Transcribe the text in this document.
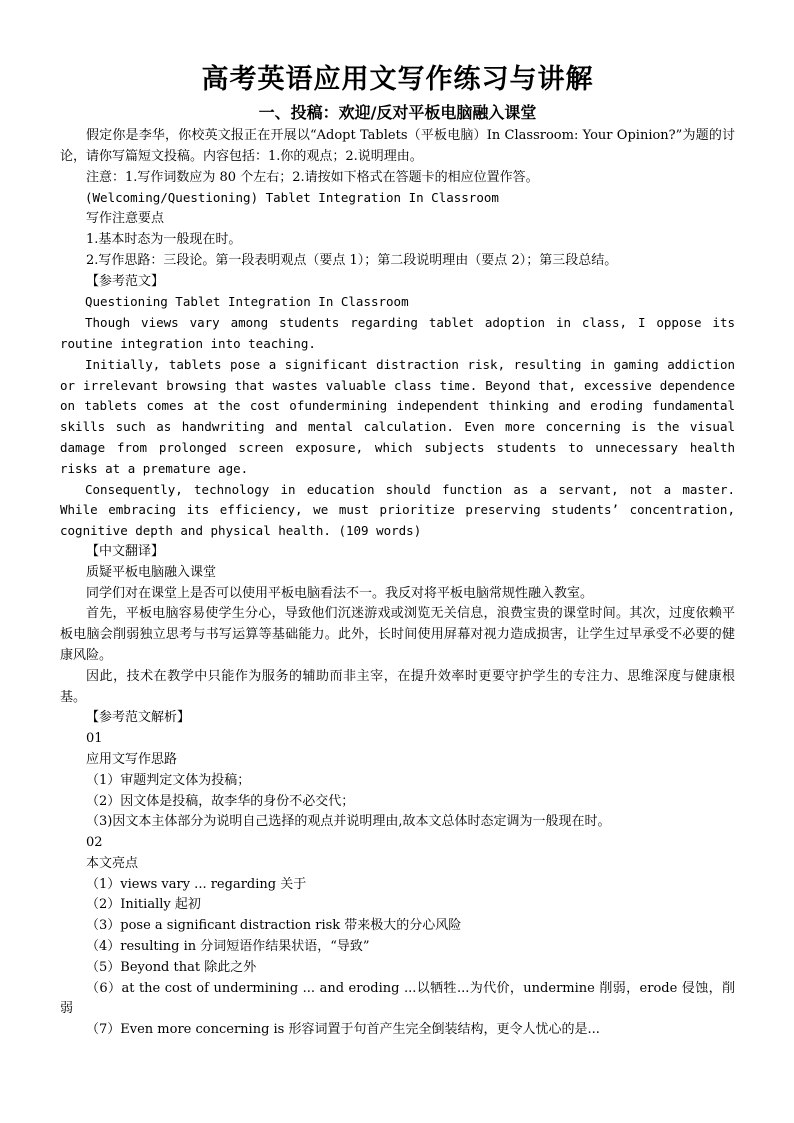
高考英语应用文写作练习与讲解
一、投稿：欢迎/反对平板电脑融入课堂

假定你是李华，你校英文报正在开展以“Adopt Tablets（平板电脑）In Classroom: Your Opinion?”为题的讨论，请你写篇短文投稿。内容包括：1.你的观点；2.说明理由。

注意：1.写作词数应为 80 个左右；2.请按如下格式在答题卡的相应位置作答。

(Welcoming/Questioning) Tablet Integration In Classroom

写作注意要点

1.基本时态为一般现在时。

2.写作思路：三段论。第一段表明观点（要点 1）；第二段说明理由（要点 2）；第三段总结。

【参考范文】

Questioning Tablet Integration In Classroom

Though views vary among students regarding tablet adoption in class, I oppose its routine integration into teaching.

Initially, tablets pose a significant distraction risk, resulting in gaming addiction or irrelevant browsing that wastes valuable class time. Beyond that, excessive dependence on tablets comes at the cost ofundermining independent thinking and eroding fundamental skills such as handwriting and mental calculation. Even more concerning is the visual damage from prolonged screen exposure, which subjects students to unnecessary health risks at a premature age.

Consequently, technology in education should function as a servant, not a master. While embracing its efficiency, we must prioritize preserving students’ concentration, cognitive depth and physical health. (109 words)

【中文翻译】

质疑平板电脑融入课堂

同学们对在课堂上是否可以使用平板电脑看法不一。我反对将平板电脑常规性融入教室。

首先，平板电脑容易使学生分心，导致他们沉迷游戏或浏览无关信息，浪费宝贵的课堂时间。其次，过度依赖平板电脑会削弱独立思考与书写运算等基础能力。此外，长时间使用屏幕对视力造成损害，让学生过早承受不必要的健康风险。

因此，技术在教学中只能作为服务的辅助而非主宰，在提升效率时更要守护学生的专注力、思维深度与健康根基。

【参考范文解析】

01

应用文写作思路

（1）审题判定文体为投稿；

（2）因文体是投稿，故李华的身份不必交代；

（3)因文本主体部分为说明自己选择的观点并说明理由,故本文总体时态定调为一般现在时。

02

本文亮点

（1）views vary ... regarding 关于

（2）Initially 起初

（3）pose a significant distraction risk 带来极大的分心风险

（4）resulting in 分词短语作结果状语，“导致”

（5）Beyond that 除此之外

（6）at the cost of undermining ... and eroding ...以牺牲...为代价，undermine 削弱，erode 侵蚀，削弱

（7）Even more concerning is 形容词置于句首产生完全倒装结构，更令人忧心的是...
